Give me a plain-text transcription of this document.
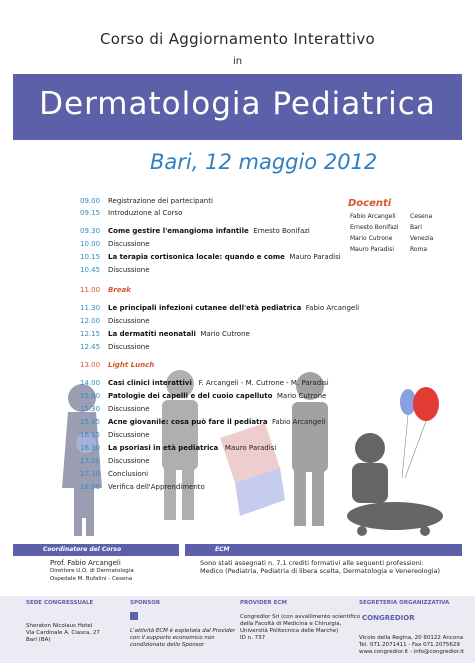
Corso di Aggiornamento Interattivo
in
Dermatologia Pediatrica
Bari, 12 maggio 2012
09.00 Registrazione dei partecipanti
09.15 Introduzione al Corso
09.30 Come gestire l'emangioma infantile Ernesto Bonifazi
10.00 Discussione
10.15 La terapia cortisonica locale: quando e come Mauro Paradisi
10.45 Discussione
11.00 Break
11.30 Le principali infezioni cutanee dell'età pediatrica Fabio Arcangeli
12.00 Discussione
12.15 La dermatiti neonatali Mario Cutrone
12.45 Discussione
13.00 Light Lunch
14.00 Casi clinici interattivi F. Arcangeli - M. Cutrone - M. Paradisi
15.00 Patologie dei capelli e del cuoio capelluto Mario Cutrone
15.30 Discussione
15.45 Acne giovanile: cosa può fare il pediatra Fabio Arcangeli
16.15 Discussione
16.30 La psoriasi in età pediatrica Mauro Paradisi
17.00 Discussione
17.30 Conclusioni
18.00 Verifica dell'Apprendimento
Docenti
Fabio Arcangeli Cesena
Ernesto Bonifazi Bari
Mario Cutrone	Venezia
Mauro Paradisi	Roma
Coordinatore del Corso	ECM
Prof. Fabio Arcangeli
Direttore U.O. di Dermatologia
Ospedale M. Bufalini - Cesena
Sono stati assegnati n. 7,1 crediti formativi alle seguenti professioni:
Medico (Pediatria, Pediatria di libera scelta, Dermatologia e Venereologia)
SEDE CONGRESSUALE	SPONSOR	PROVIDER ECM	SEGRETERIA ORGANIZZATIVA
Sheraton Nicolaus Hotel
Via Cardinale A. Ciasca, 27
Bari (BA)
L'attività ECM è espletata dal Provider
con il supporto economico non
condizionato dello Sponsor
Congredior Srl (con avvallimento scientifico
della Facoltà di Medicina e Chirurgia,
Università Politecnica delle Marche)
ID n. 737
CONGREDIOR
Vicolo della Regina, 20 60122 Ancona
Tel. 071.2071411 - Fax 071.2075629
www.congredior.it - info@congredior.it
